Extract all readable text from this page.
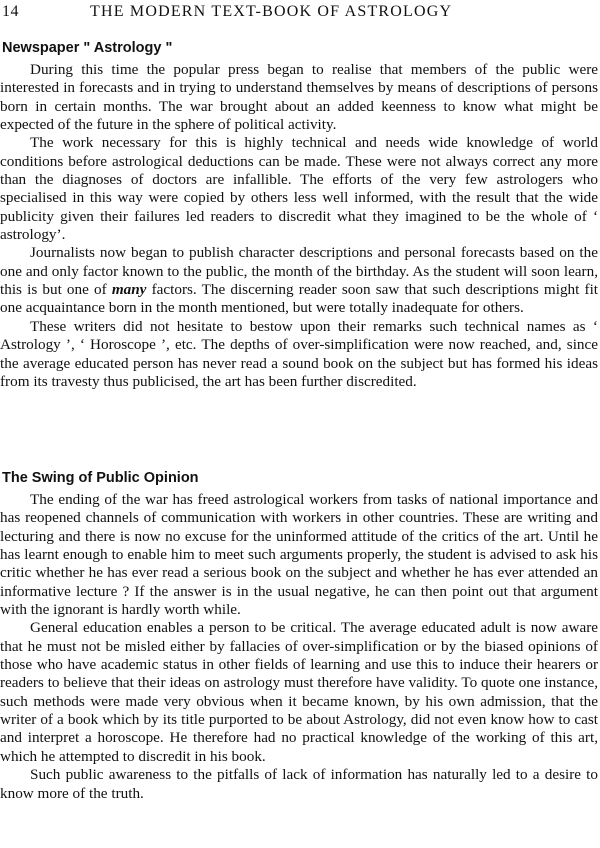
14	THE MODERN TEXT-BOOK OF ASTROLOGY
Newspaper " Astrology "

During this time the popular press began to realise that members of the public were interested in forecasts and in trying to understand themselves by means of descriptions of persons born in certain months. The war brought about an added keenness to know what might be expected of the future in the sphere of political activity.

The work necessary for this is highly technical and needs wide knowledge of world conditions before astrological deductions can be made. These were not always correct any more than the diagnoses of doctors are infallible. The efforts of the very few astrologers who specialised in this way were copied by others less well informed, with the result that the wide publicity given their failures led readers to discredit what they imagined to be the whole of ‘ astrology’.

Journalists now began to publish character descriptions and personal forecasts based on the one and only factor known to the public, the month of the birthday. As the student will soon learn, this is but one of many factors. The discerning reader soon saw that such descriptions might fit one acquaintance born in the month mentioned, but were totally inadequate for others.

These writers did not hesitate to bestow upon their remarks such technical names as ‘ Astrology ’, ‘ Horoscope ’, etc. The depths of over-simplification were now reached, and, since the average educated person has never read a sound book on the subject but has formed his ideas from its travesty thus publicised, the art has been further discredited.

The Swing of Public Opinion

The ending of the war has freed astrological workers from tasks of national importance and has reopened channels of communication with workers in other countries. These are writing and lecturing and there is now no excuse for the uninformed attitude of the critics of the art. Until he has learnt enough to enable him to meet such arguments properly, the student is advised to ask his critic whether he has ever read a serious book on the subject and whether he has ever attended an informative lecture ? If the answer is in the usual negative, he can then point out that argument with the ignorant is hardly worth while.

General education enables a person to be critical. The average educated adult is now aware that he must not be misled either by fallacies of over-simplification or by the biased opinions of those who have academic status in other fields of learning and use this to induce their hearers or readers to believe that their ideas on astrology must therefore have validity. To quote one instance, such methods were made very obvious when it became known, by his own admission, that the writer of a book which by its title purported to be about Astrology, did not even know how to cast and interpret a horoscope. He therefore had no practical knowledge of the working of this art, which he attempted to discredit in his book.

Such public awareness to the pitfalls of lack of information has naturally led to a desire to know more of the truth.
